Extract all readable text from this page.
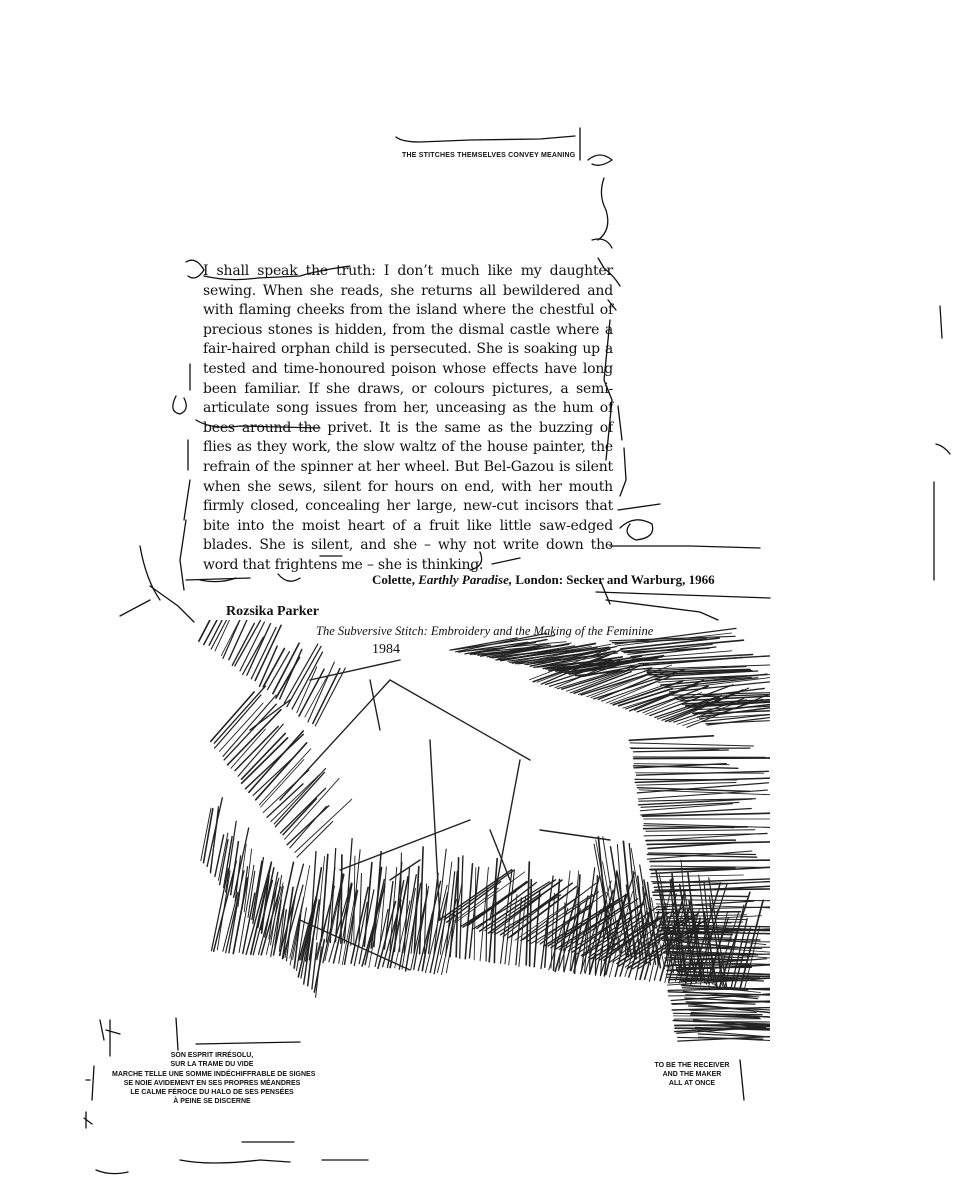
THE STITCHES THEMSELVES CONVEY MEANING
I shall speak the truth: I don’t much like my daughter sewing. When she reads, she returns all bewildered and with flaming cheeks from the island where the chestful of precious stones is hidden, from the dismal castle where a fair-haired orphan child is persecuted. She is soaking up a tested and time-honoured poison whose effects have long been familiar. If she draws, or colours pictures, a semi-articulate song issues from her, unceasing as the hum of bees around the privet. It is the same as the buzzing of flies as they work, the slow waltz of the house painter, the refrain of the spinner at her wheel. But Bel-Gazou is silent when she sews, silent for hours on end, with her mouth firmly closed, concealing her large, new-cut incisors that bite into the moist heart of a fruit like little saw-edged blades. She is silent, and she – why not write down the word that frightens me – she is thinking.
Colette, Earthly Paradise, London: Secker and Warburg, 1966
Rozsika Parker
The Subversive Stitch: Embroidery and the Making of the Feminine
1984
SON ESPRIT IRRÉSOLU,
SUR LA TRAME DU VIDE
MARCHE TELLE UNE SOMME INDÉCHIFFRABLE DE SIGNES
SE NOIE AVIDEMENT EN SES PROPRES MÉANDRES
LE CALME FÉROCE DU HALO DE SES PENSÉES
À PEINE SE DISCERNE
TO BE THE RECEIVER
AND THE MAKER
ALL AT ONCE
